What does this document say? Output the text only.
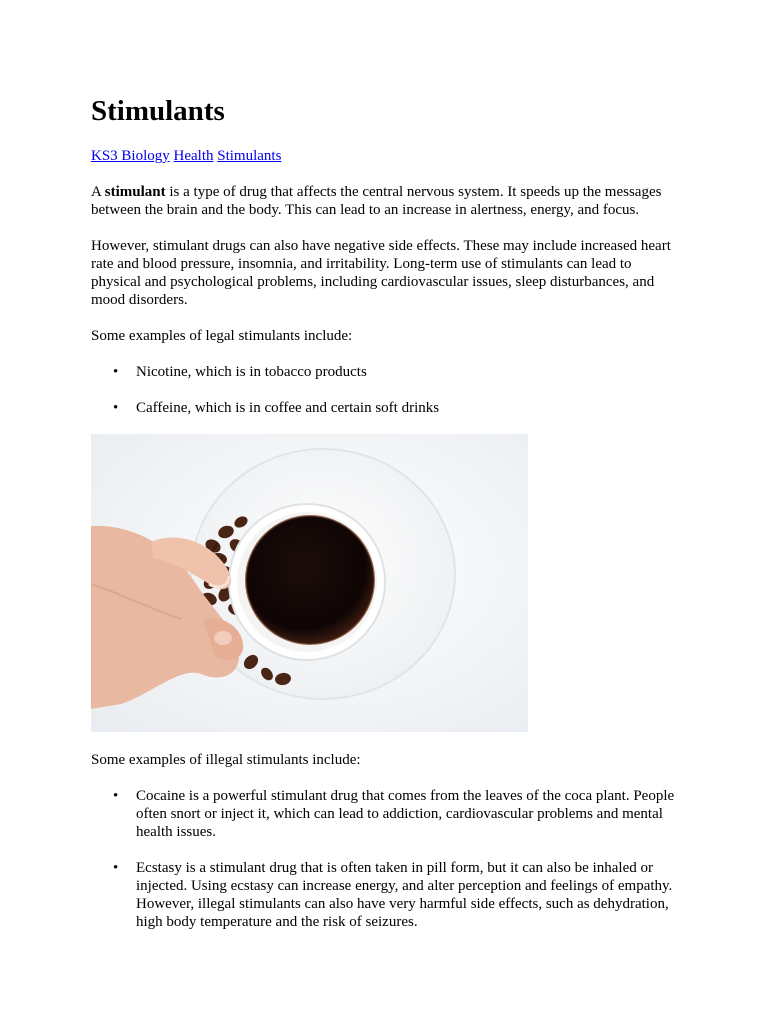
Stimulants
KS3 Biology Health Stimulants

A stimulant is a type of drug that affects the central nervous system. It speeds up the messages between the brain and the body. This can lead to an increase in alertness, energy, and focus.

However, stimulant drugs can also have negative side effects. These may include increased heart rate and blood pressure, insomnia, and irritability. Long-term use of stimulants can lead to physical and psychological problems, including cardiovascular issues, sleep disturbances, and mood disorders.

Some examples of legal stimulants include:

• Nicotine, which is in tobacco products
• Caffeine, which is in coffee and certain soft drinks

Some examples of illegal stimulants include:

• Cocaine is a powerful stimulant drug that comes from the leaves of the coca plant. People often snort or inject it, which can lead to addiction, cardiovascular problems and mental health issues.
• Ecstasy is a stimulant drug that is often taken in pill form, but it can also be inhaled or injected. Using ecstasy can increase energy, and alter perception and feelings of empathy. However, illegal stimulants can also have very harmful side effects, such as dehydration, high body temperature and the risk of seizures.
